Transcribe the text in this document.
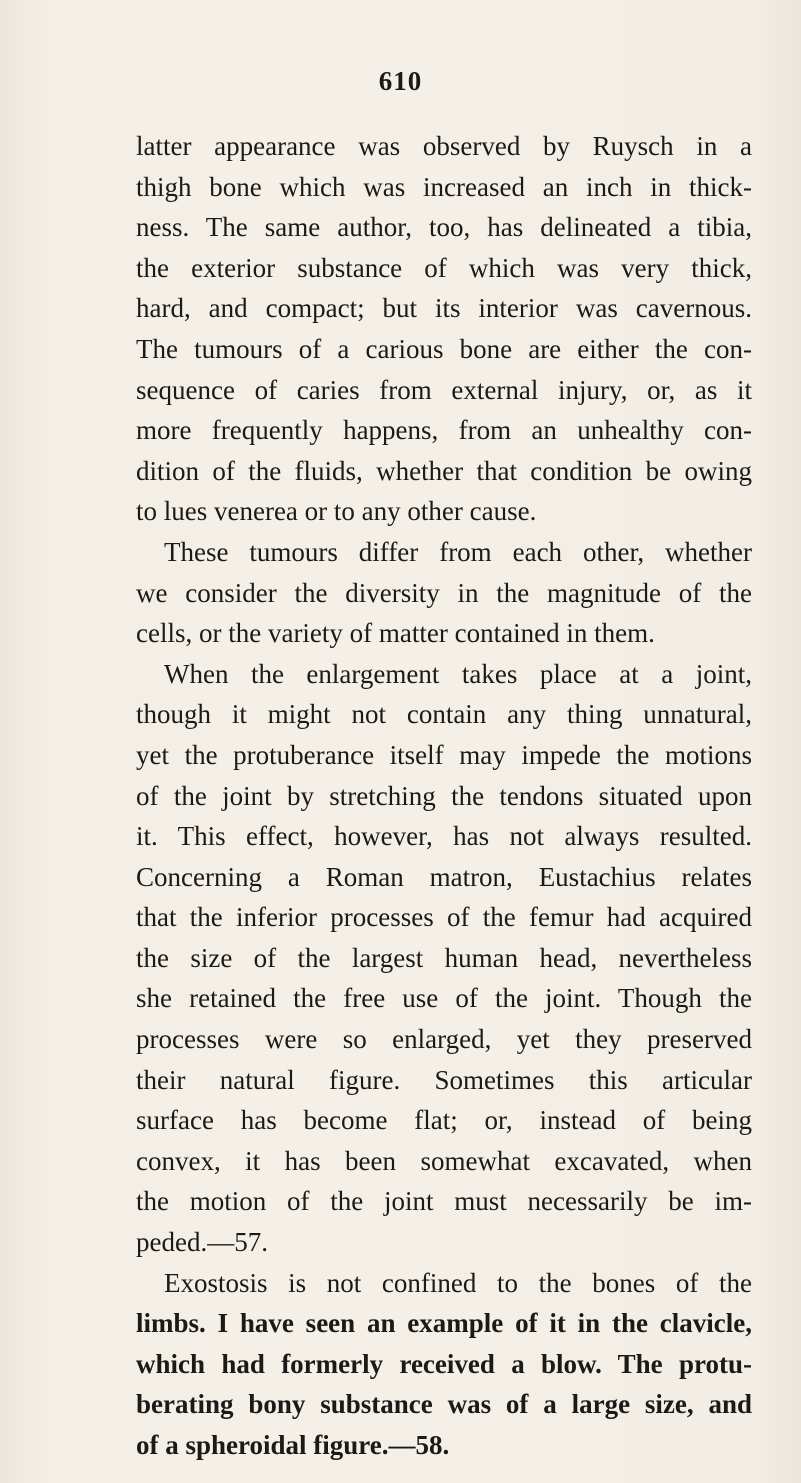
610
latter appearance was observed by Ruysch in a
thigh bone which was increased an inch in thick-
ness. The same author, too, has delineated a tibia,
the exterior substance of which was very thick,
hard, and compact; but its interior was cavernous.
The tumours of a carious bone are either the con-
sequence of caries from external injury, or, as it
more frequently happens, from an unhealthy con-
dition of the fluids, whether that condition be owing
to lues venerea or to any other cause.
These tumours differ from each other, whether
we consider the diversity in the magnitude of the
cells, or the variety of matter contained in them.
When the enlargement takes place at a joint,
though it might not contain any thing unnatural,
yet the protuberance itself may impede the motions
of the joint by stretching the tendons situated upon
it. This effect, however, has not always resulted.
Concerning a Roman matron, Eustachius relates
that the inferior processes of the femur had acquired
the size of the largest human head, nevertheless
she retained the free use of the joint. Though the
processes were so enlarged, yet they preserved
their natural figure. Sometimes this articular
surface has become flat; or, instead of being
convex, it has been somewhat excavated, when
the motion of the joint must necessarily be im-
peded.—57.
Exostosis is not confined to the bones of the
limbs. I have seen an example of it in the clavicle,
which had formerly received a blow. The protu-
berating bony substance was of a large size, and
of a spheroidal figure.—58.
